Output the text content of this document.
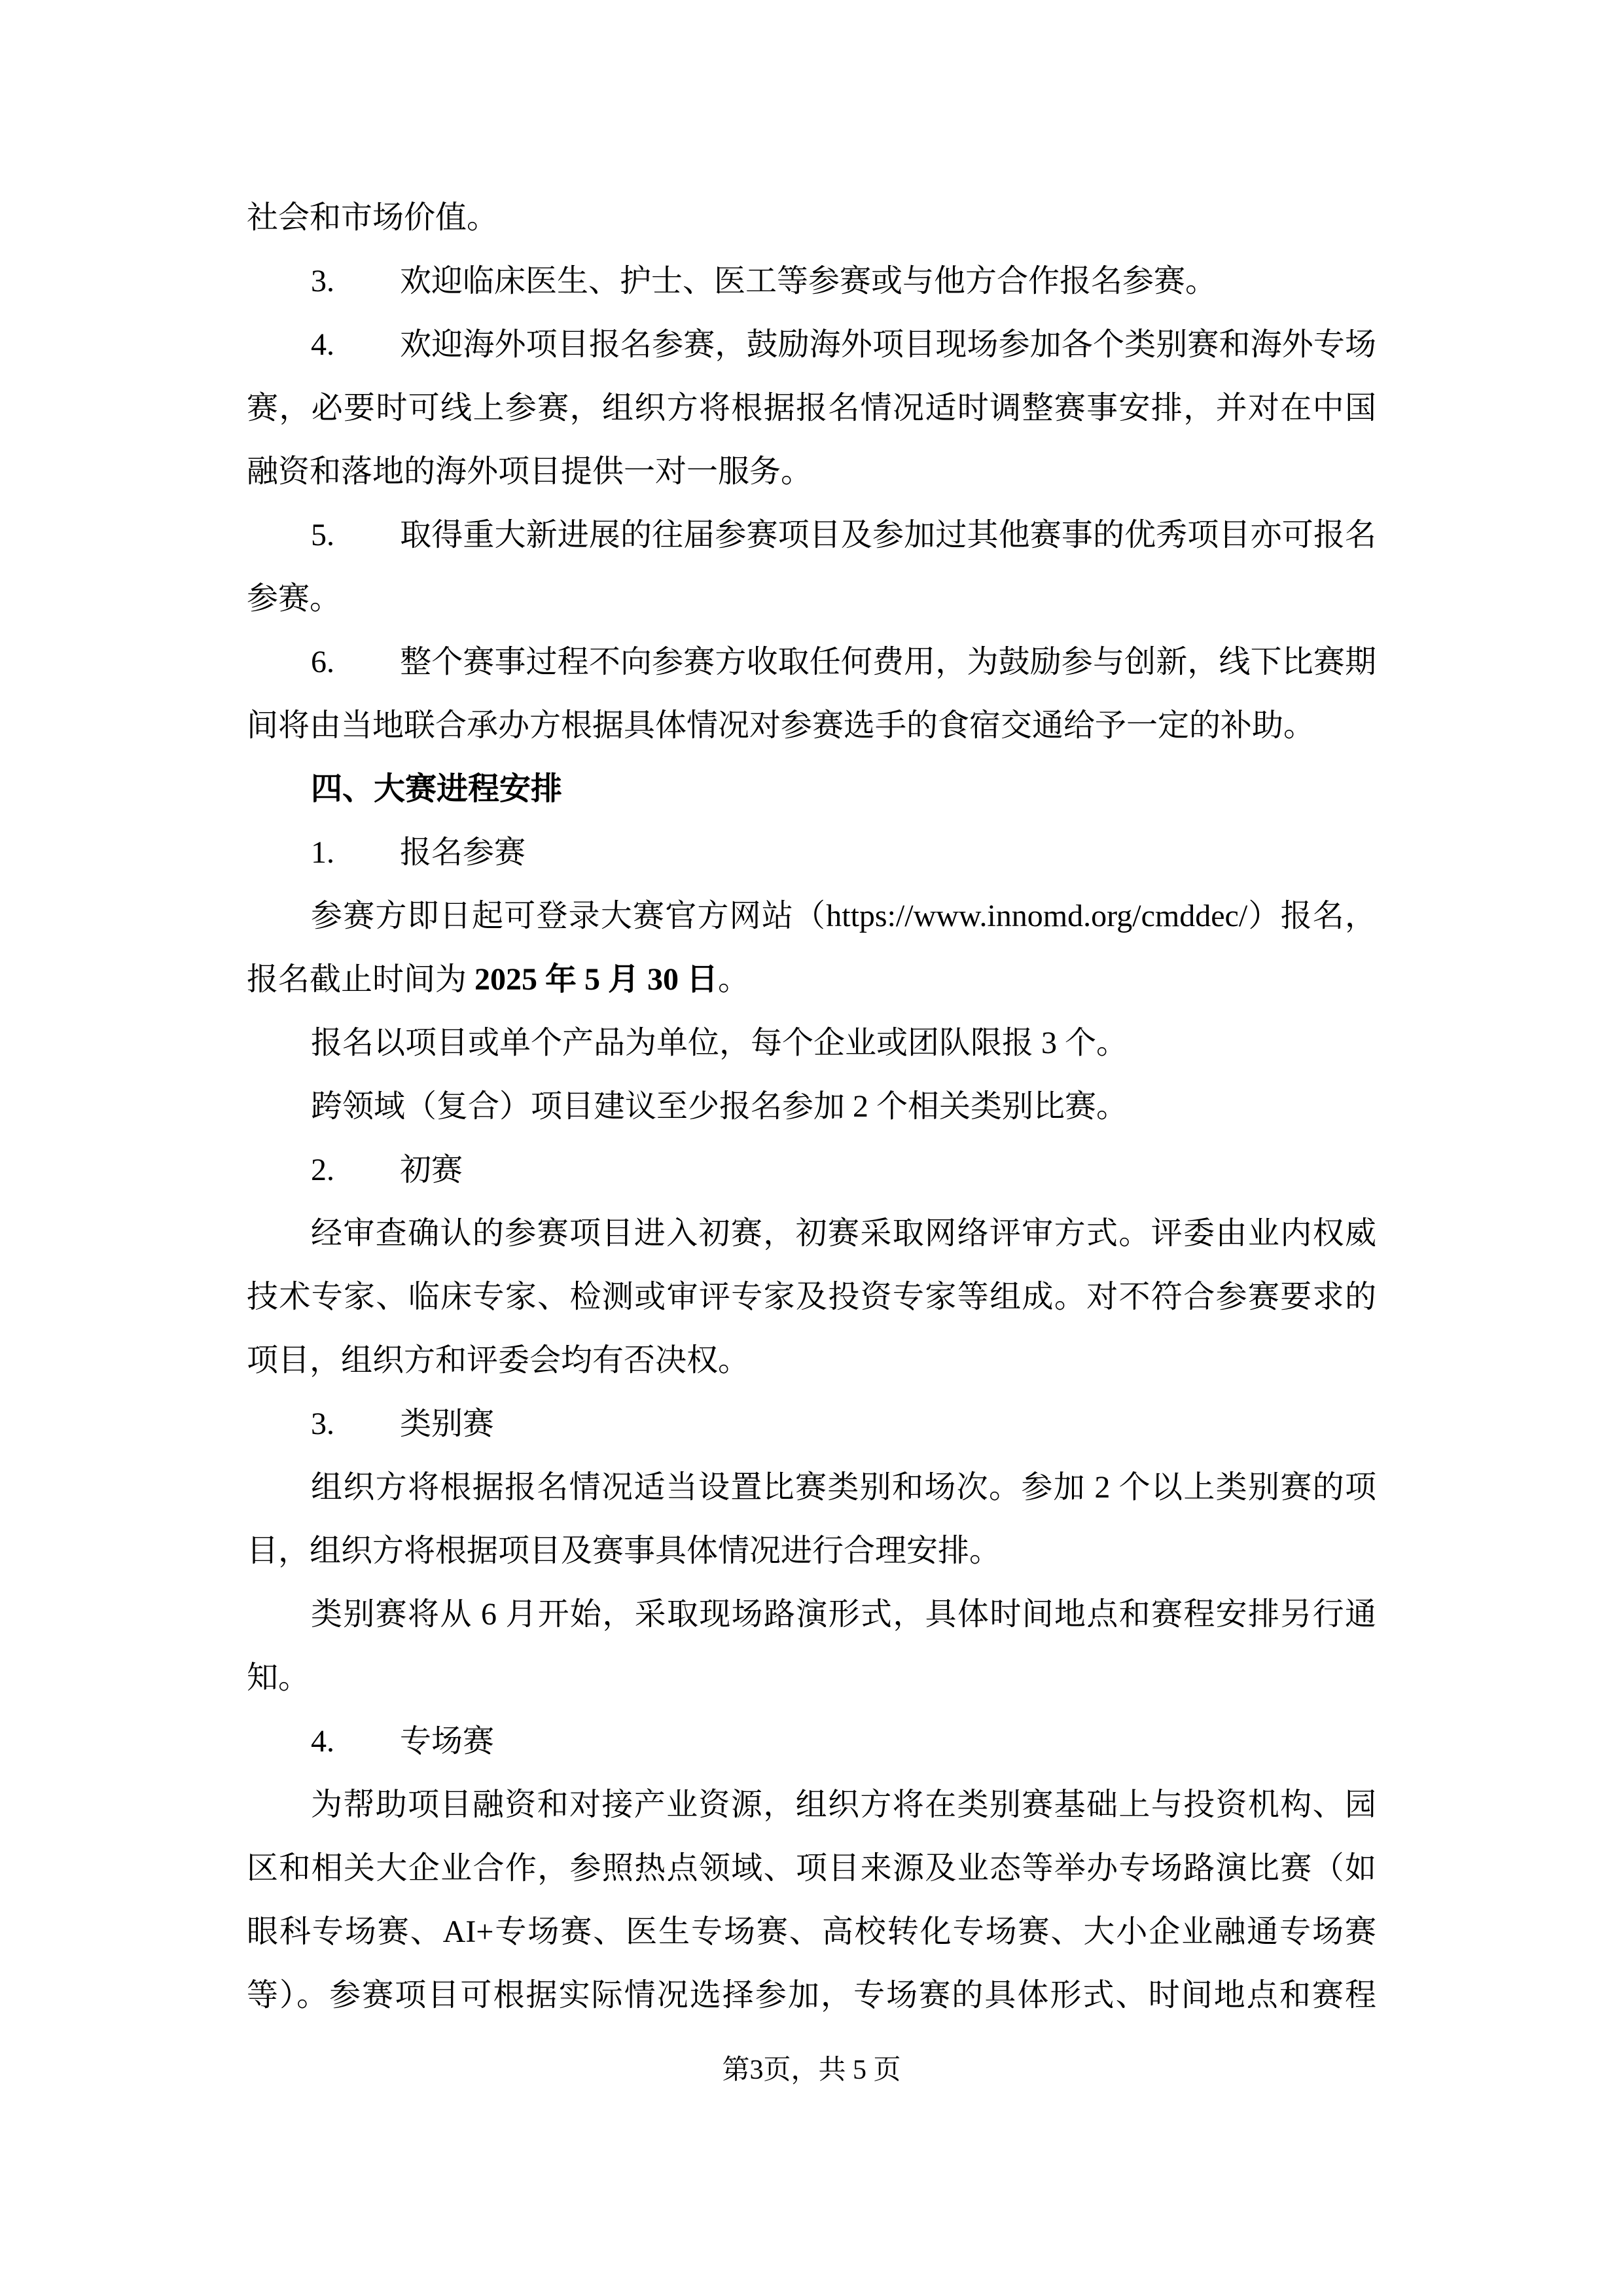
社会和市场价值。
3. 欢迎临床医生、护士、医工等参赛或与他方合作报名参赛。
4. 欢迎海外项目报名参赛，鼓励海外项目现场参加各个类别赛和海外专场
赛，必要时可线上参赛，组织方将根据报名情况适时调整赛事安排，并对在中国
融资和落地的海外项目提供一对一服务。
5. 取得重大新进展的往届参赛项目及参加过其他赛事的优秀项目亦可报名
参赛。
6. 整个赛事过程不向参赛方收取任何费用，为鼓励参与创新，线下比赛期
间将由当地联合承办方根据具体情况对参赛选手的食宿交通给予一定的补助。
四、大赛进程安排
1. 报名参赛
参赛方即日起可登录大赛官方网站（https://www.innomd.org/cmddec/）报名，
报名截止时间为 2025 年 5 月 30 日。
报名以项目或单个产品为单位，每个企业或团队限报 3 个。
跨领域（复合）项目建议至少报名参加 2 个相关类别比赛。
2. 初赛
经审查确认的参赛项目进入初赛，初赛采取网络评审方式。评委由业内权威
技术专家、临床专家、检测或审评专家及投资专家等组成。对不符合参赛要求的
项目，组织方和评委会均有否决权。
3. 类别赛
组织方将根据报名情况适当设置比赛类别和场次。参加 2 个以上类别赛的项
目，组织方将根据项目及赛事具体情况进行合理安排。
类别赛将从 6 月开始，采取现场路演形式，具体时间地点和赛程安排另行通
知。
4. 专场赛
为帮助项目融资和对接产业资源，组织方将在类别赛基础上与投资机构、园
区和相关大企业合作，参照热点领域、项目来源及业态等举办专场路演比赛（如
眼科专场赛、AI+专场赛、医生专场赛、高校转化专场赛、大小企业融通专场赛
等）。参赛项目可根据实际情况选择参加，专场赛的具体形式、时间地点和赛程
第3页，共 5 页
